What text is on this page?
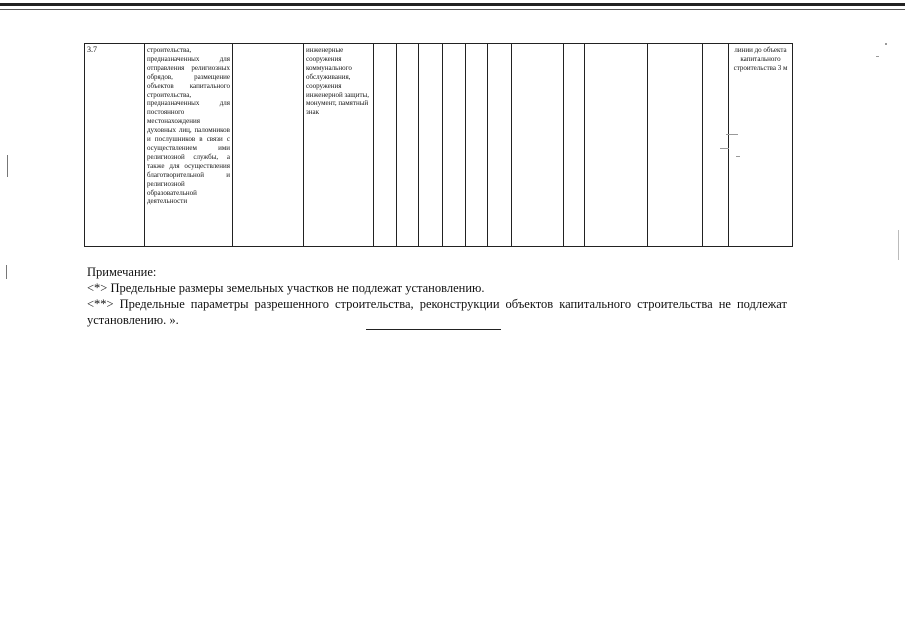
3.7	строительства, предназначенных для отправления религиозных обрядов, размещение объектов капитального строительства, предназначенных для постоянного местонахождения духовных лиц, паломников и послушников в связи с осуществлением ими религиозной службы, а также для осуществления благотворительной и религиозной образовательной деятельности		инженерные сооружения коммунального обслуживания, сооружения инженерной защиты, монумент, памятный знак												линии до объекта капитального строительства 3 м

Примечание:

<*> Предельные размеры земельных участков не подлежат установлению.

<**> Предельные параметры разрешенного строительства, реконструкции объектов капитального строительства не подлежат установлению. ».
